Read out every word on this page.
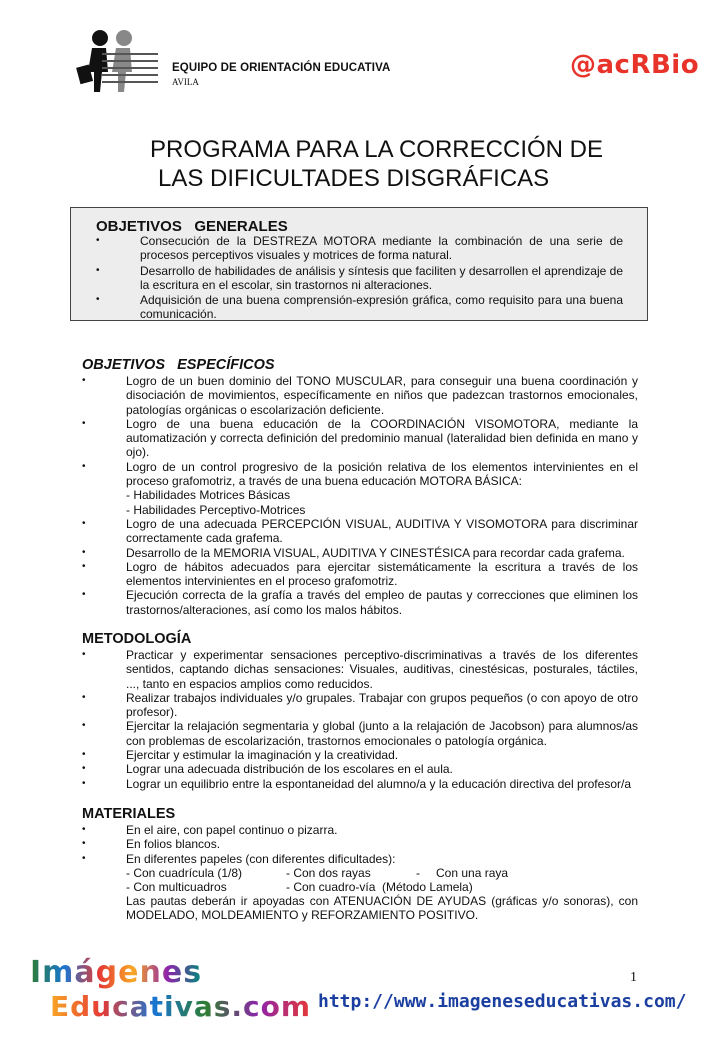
EQUIPO DE ORIENTACIÓN EDUCATIVA
AVILA
@acRBio
PROGRAMA PARA LA CORRECCIÓN DE
LAS DIFICULTADES DISGRÁFICAS
OBJETIVOS   GENERALES
•	Consecución de la DESTREZA MOTORA mediante la combinación de una serie de procesos perceptivos visuales y motrices de forma natural.
•	Desarrollo de habilidades de análisis y síntesis que faciliten y desarrollen el aprendizaje de la escritura en el escolar, sin trastornos ni alteraciones.
•	Adquisición de una buena comprensión-expresión gráfica, como requisito para una buena comunicación.
OBJETIVOS   ESPECÍFICOS
•	Logro de un buen dominio del TONO MUSCULAR, para conseguir una buena coordinación y disociación de movimientos, específicamente en niños que padezcan trastornos emocionales, patologías orgánicas o escolarización deficiente.
•	Logro de una buena educación de la COORDINACIÓN VISOMOTORA, mediante la automatización y correcta definición del predominio manual (lateralidad bien definida en mano y ojo).
•	Logro de un control progresivo de la posición relativa de los elementos intervinientes en el proceso grafomotriz, a través de una buena educación MOTORA BÁSICA:
- Habilidades Motrices Básicas
- Habilidades Perceptivo-Motrices
•	Logro de una adecuada PERCEPCIÓN VISUAL, AUDITIVA Y VISOMOTORA para discriminar correctamente cada grafema.
•	Desarrollo de la MEMORIA VISUAL, AUDITIVA Y CINESTÉSICA para recordar cada grafema.
•	Logro de hábitos adecuados para ejercitar sistemáticamente la escritura a través de los elementos intervinientes en el proceso grafomotriz.
•	Ejecución correcta de la grafía a través del empleo de pautas y correcciones que eliminen los trastornos/alteraciones, así como los malos hábitos.
METODOLOGÍA
•	Practicar y experimentar sensaciones perceptivo-discriminativas a través de los diferentes sentidos, captando dichas sensaciones: Visuales, auditivas, cinestésicas, posturales, táctiles, ..., tanto en espacios amplios como reducidos.
•	Realizar trabajos individuales y/o grupales. Trabajar con grupos pequeños (o con apoyo de otro profesor).
•	Ejercitar la relajación segmentaria y global (junto a la relajación de Jacobson) para alumnos/as con problemas de escolarización, trastornos emocionales o patología orgánica.
•	Ejercitar y estimular la imaginación y la creatividad.
•	Lograr una adecuada distribución de los escolares en el aula.
•	Lograr un equilibrio entre la espontaneidad del alumno/a y la educación directiva del profesor/a
MATERIALES
•	En el aire, con papel continuo o pizarra.
•	En folios blancos.
•	En diferentes papeles (con diferentes dificultades):
- Con cuadrícula (1/8)	- Con dos rayas	- Con una raya
- Con multicuadros	- Con cuadro-vía (Método Lamela)
Las pautas deberán ir apoyadas con ATENUACIÓN DE AYUDAS (gráficas y/o sonoras), con MODELADO, MOLDEAMIENTO y REFORZAMIENTO POSITIVO.
1
Imágenes
Educativas.com http://www.imageneseducativas.com/
